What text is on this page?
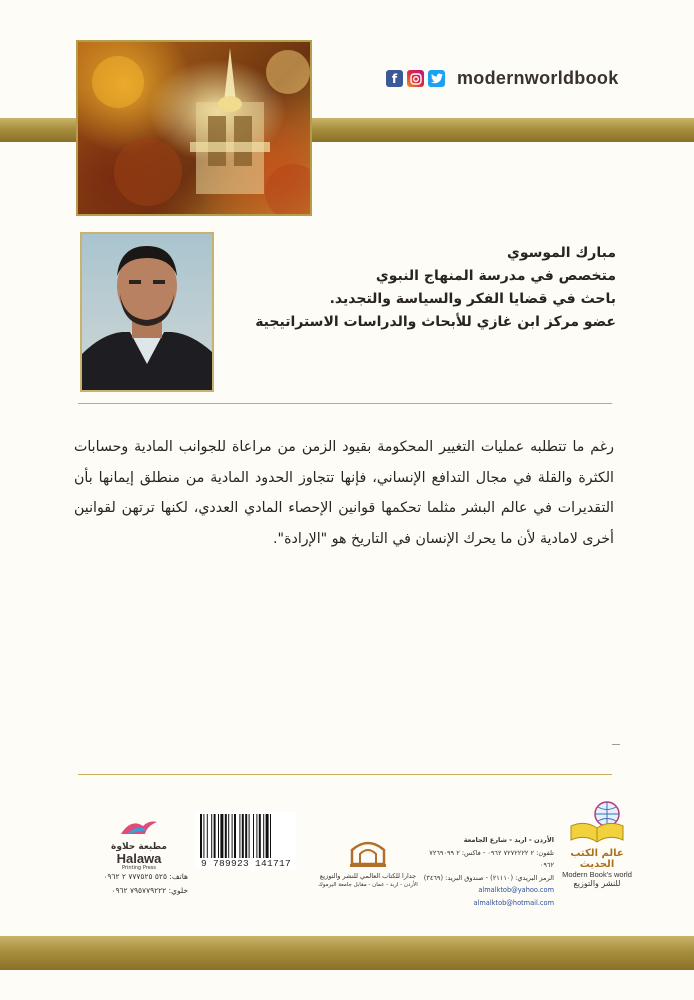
f	modernworldbook
مبارك الموسوي
متخصص في مدرسة المنهاج النبوي
باحث في قضايا الفكر والسياسة والتجديد.
عضو مركز ابن غازي للأبحاث والدراسات الاستراتيجية
رغم ما تتطلبه عمليات التغيير المحكومة بقيود الزمن من مراعاة للجوانب المادية وحسابات الكثرة والقلة في مجال التدافع الإنساني، فإنها تتجاوز الحدود المادية من منطلق إيمانها بأن التقديرات في عالم البشر مثلما تحكمها قوانين الإحصاء المادي العددي، لكنها ترتهن لقوانين أخرى لامادية لأن ما يحرك الإنسان في التاريخ هو "الإرادة".
ـــ
مطبعة حلاوة
Halawa
Printing Press
هاتف: ٥٢٥ ٧٧٧٥٢٥ ٢ ٠٩٦٢
خلوي: ٧٩٥٧٧٩٢٢٢ ٠٩٦٢
9 789923 141717
جدارا للكتاب العالمي للنشر والتوزيع
الأردن - اربد - عمان - مقابل جامعة اليرموك
الأردن - اربد - شارع الجامعة
تلفون: ٢ ٧٢٧٢٢٢٢ ٠٩٦٢ - فاكس: ٢ ٧٢٦٩٠٩٩ ٠٩٦٢
الرمز البريدي: (٢١١١٠) - صندوق البريد: (٣٤٦٩)
almalktob@yahoo.com
almalktob@hotmail.com
عالم الكتب الحديث
Modern Book's world
للنشر والتوزيع
